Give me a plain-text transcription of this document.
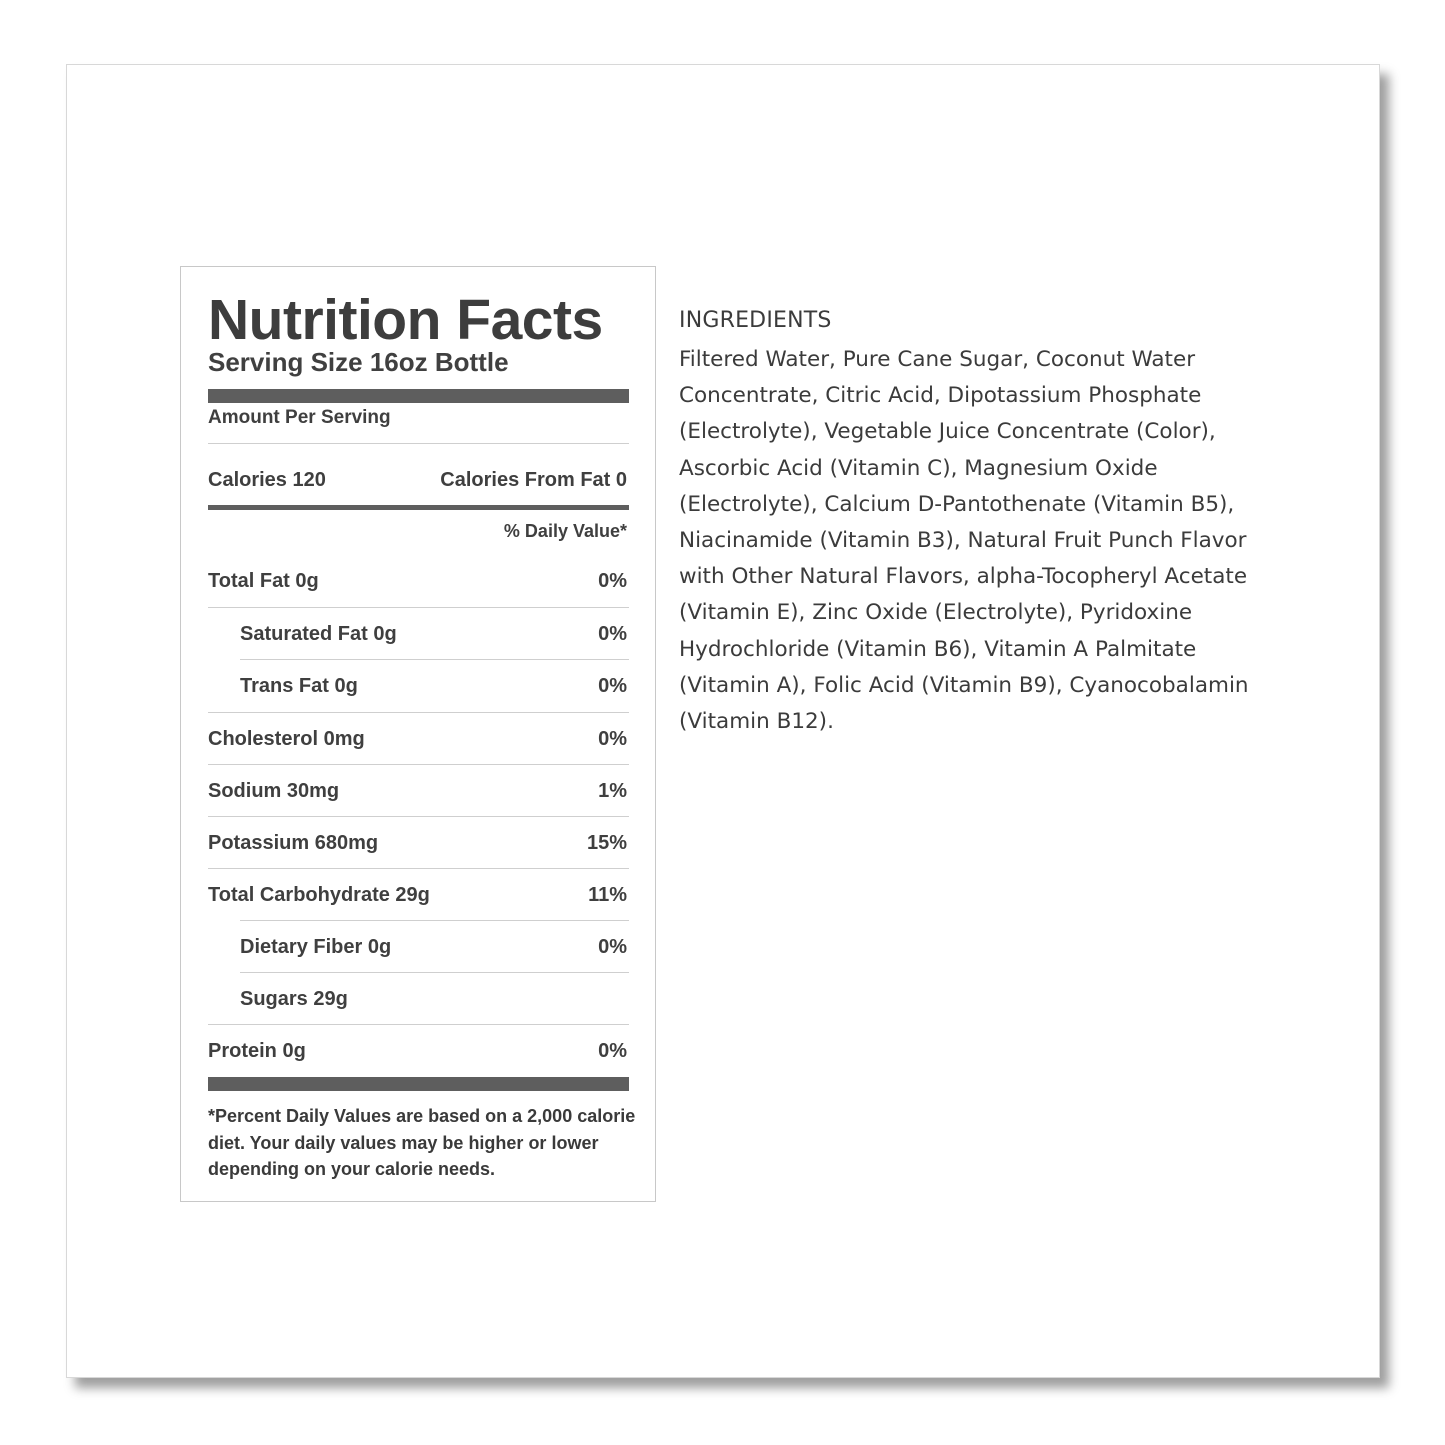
Nutrition Facts
Serving Size 16oz Bottle
Amount Per Serving
Calories 120	Calories From Fat 0
% Daily Value*
Total Fat 0g	0%
Saturated Fat 0g	0%
Trans Fat 0g	0%
Cholesterol 0mg	0%
Sodium 30mg	1%
Potassium 680mg	15%
Total Carbohydrate 29g	11%
Dietary Fiber 0g	0%
Sugars 29g
Protein 0g	0%
*Percent Daily Values are based on a 2,000 calorie diet. Your daily values may be higher or lower depending on your calorie needs.
INGREDIENTS

Filtered Water, Pure Cane Sugar, Coconut Water Concentrate, Citric Acid, Dipotassium Phosphate (Electrolyte), Vegetable Juice Concentrate (Color), Ascorbic Acid (Vitamin C), Magnesium Oxide (Electrolyte), Calcium D-Pantothenate (Vitamin B5), Niacinamide (Vitamin B3), Natural Fruit Punch Flavor with Other Natural Flavors, alpha-Tocopheryl Acetate (Vitamin E), Zinc Oxide (Electrolyte), Pyridoxine Hydrochloride (Vitamin B6), Vitamin A Palmitate (Vitamin A), Folic Acid (Vitamin B9), Cyanocobalamin (Vitamin B12).
